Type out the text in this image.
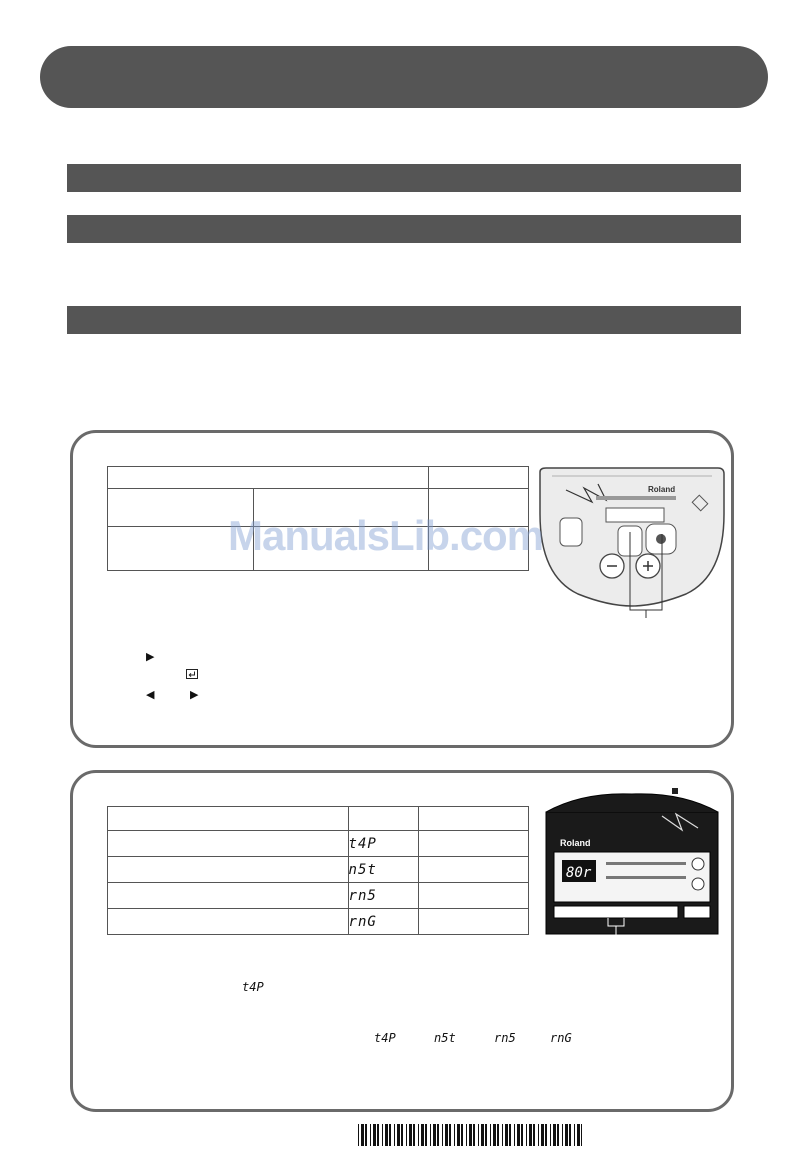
Roland
▶
◀	▶
ManualsLib.com

	t4P	
	n5t	
	rn5	
	rnG	
Roland
80r
t4P
t4P	n5t	rn5	rnG
